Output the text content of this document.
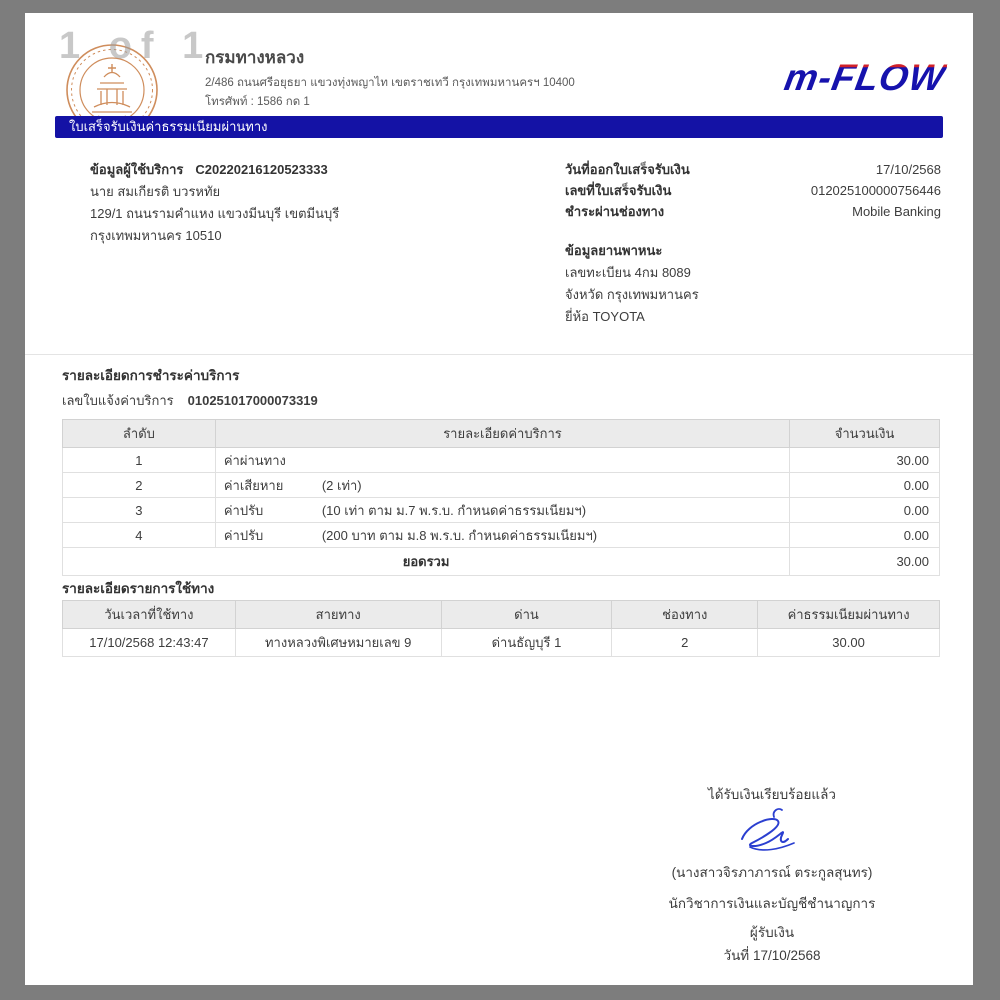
1 of 1
กรมทางหลวง
2/486 ถนนศรีอยุธยา แขวงทุ่งพญาไท เขตราชเทวี กรุงเทพมหานครฯ 10400
โทรศัพท์ : 1586 กด 1
m-FLOW
ใบเสร็จรับเงินค่าธรรมเนียมผ่านทาง
ข้อมูลผู้ใช้บริการ C20220216120523333
นาย สมเกียรติ บวรหทัย
129/1 ถนนรามคำแหง แขวงมีนบุรี เขตมีนบุรี
กรุงเทพมหานคร 10510
วันที่ออกใบเสร็จรับเงิน	17/10/2568
เลขที่ใบเสร็จรับเงิน	012025100000756446
ชำระผ่านช่องทาง	Mobile Banking
ข้อมูลยานพาหนะ
เลขทะเบียน 4กม 8089
จังหวัด กรุงเทพมหานคร
ยี่ห้อ TOYOTA
รายละเอียดการชำระค่าบริการ
เลขใบแจ้งค่าบริการ 010251017000073319
ลำดับ	รายละเอียดค่าบริการ	จำนวนเงิน
1	ค่าผ่านทาง	30.00
2	ค่าเสียหาย (2 เท่า)	0.00
3	ค่าปรับ (10 เท่า ตาม ม.7 พ.ร.บ. กำหนดค่าธรรมเนียมฯ)	0.00
4	ค่าปรับ (200 บาท ตาม ม.8 พ.ร.บ. กำหนดค่าธรรมเนียมฯ)	0.00
ยอดรวม		30.00
รายละเอียดรายการใช้ทาง
วันเวลาที่ใช้ทาง	สายทาง	ด่าน	ช่องทาง	ค่าธรรมเนียมผ่านทาง
17/10/2568 12:43:47	ทางหลวงพิเศษหมายเลข 9	ด่านธัญบุรี 1	2	30.00
ได้รับเงินเรียบร้อยแล้ว
(นางสาวจิรภาภารณ์ ตระกูลสุนทร)
นักวิชาการเงินและบัญชีชำนาญการ
ผู้รับเงิน
วันที่ 17/10/2568
